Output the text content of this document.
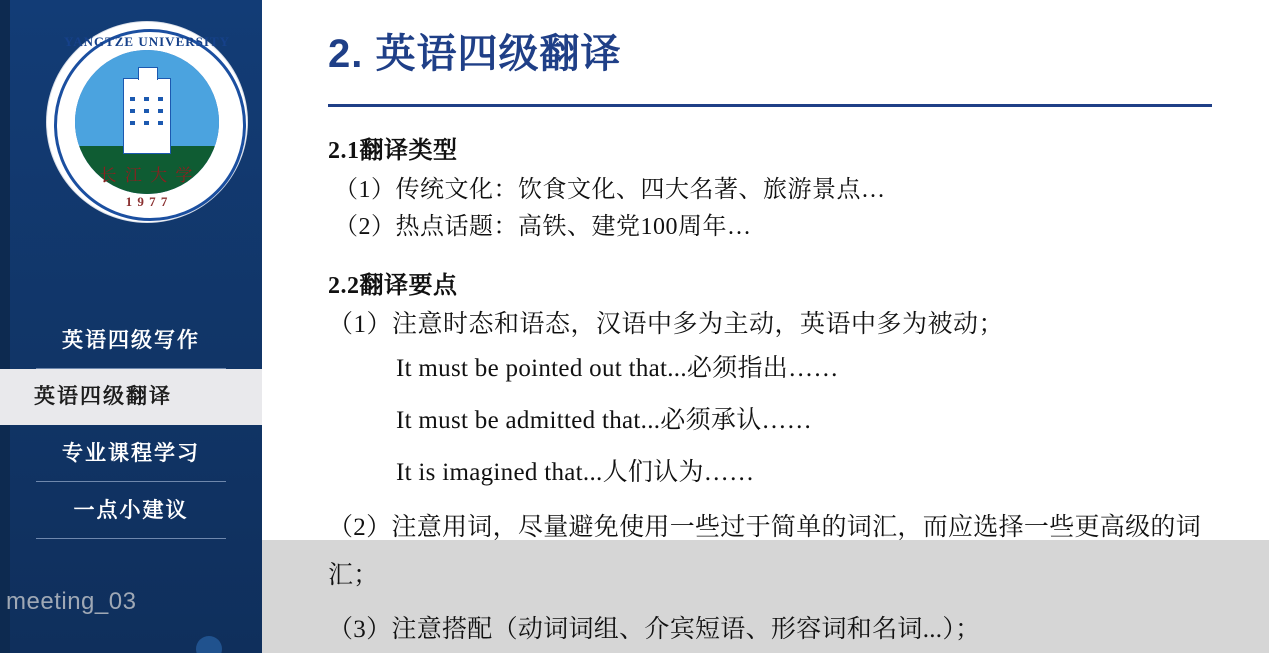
YANGTZE UNIVERSITY
长 江 大 学
1 9 7 7
英语四级写作
英语四级翻译
专业课程学习
一点小建议
meeting_03
2. 英语四级翻译
2.1翻译类型
（1）传统文化：饮食文化、四大名著、旅游景点…
（2）热点话题：高铁、建党100周年…
2.2翻译要点
（1）注意时态和语态，汉语中多为主动，英语中多为被动；
It must be pointed out that...必须指出……
It must be admitted that...必须承认……
It is imagined that...人们认为……
（2）注意用词，尽量避免使用一些过于简单的词汇，而应选择一些更高级的词汇；
（3）注意搭配（动词词组、介宾短语、形容词和名词...）；
